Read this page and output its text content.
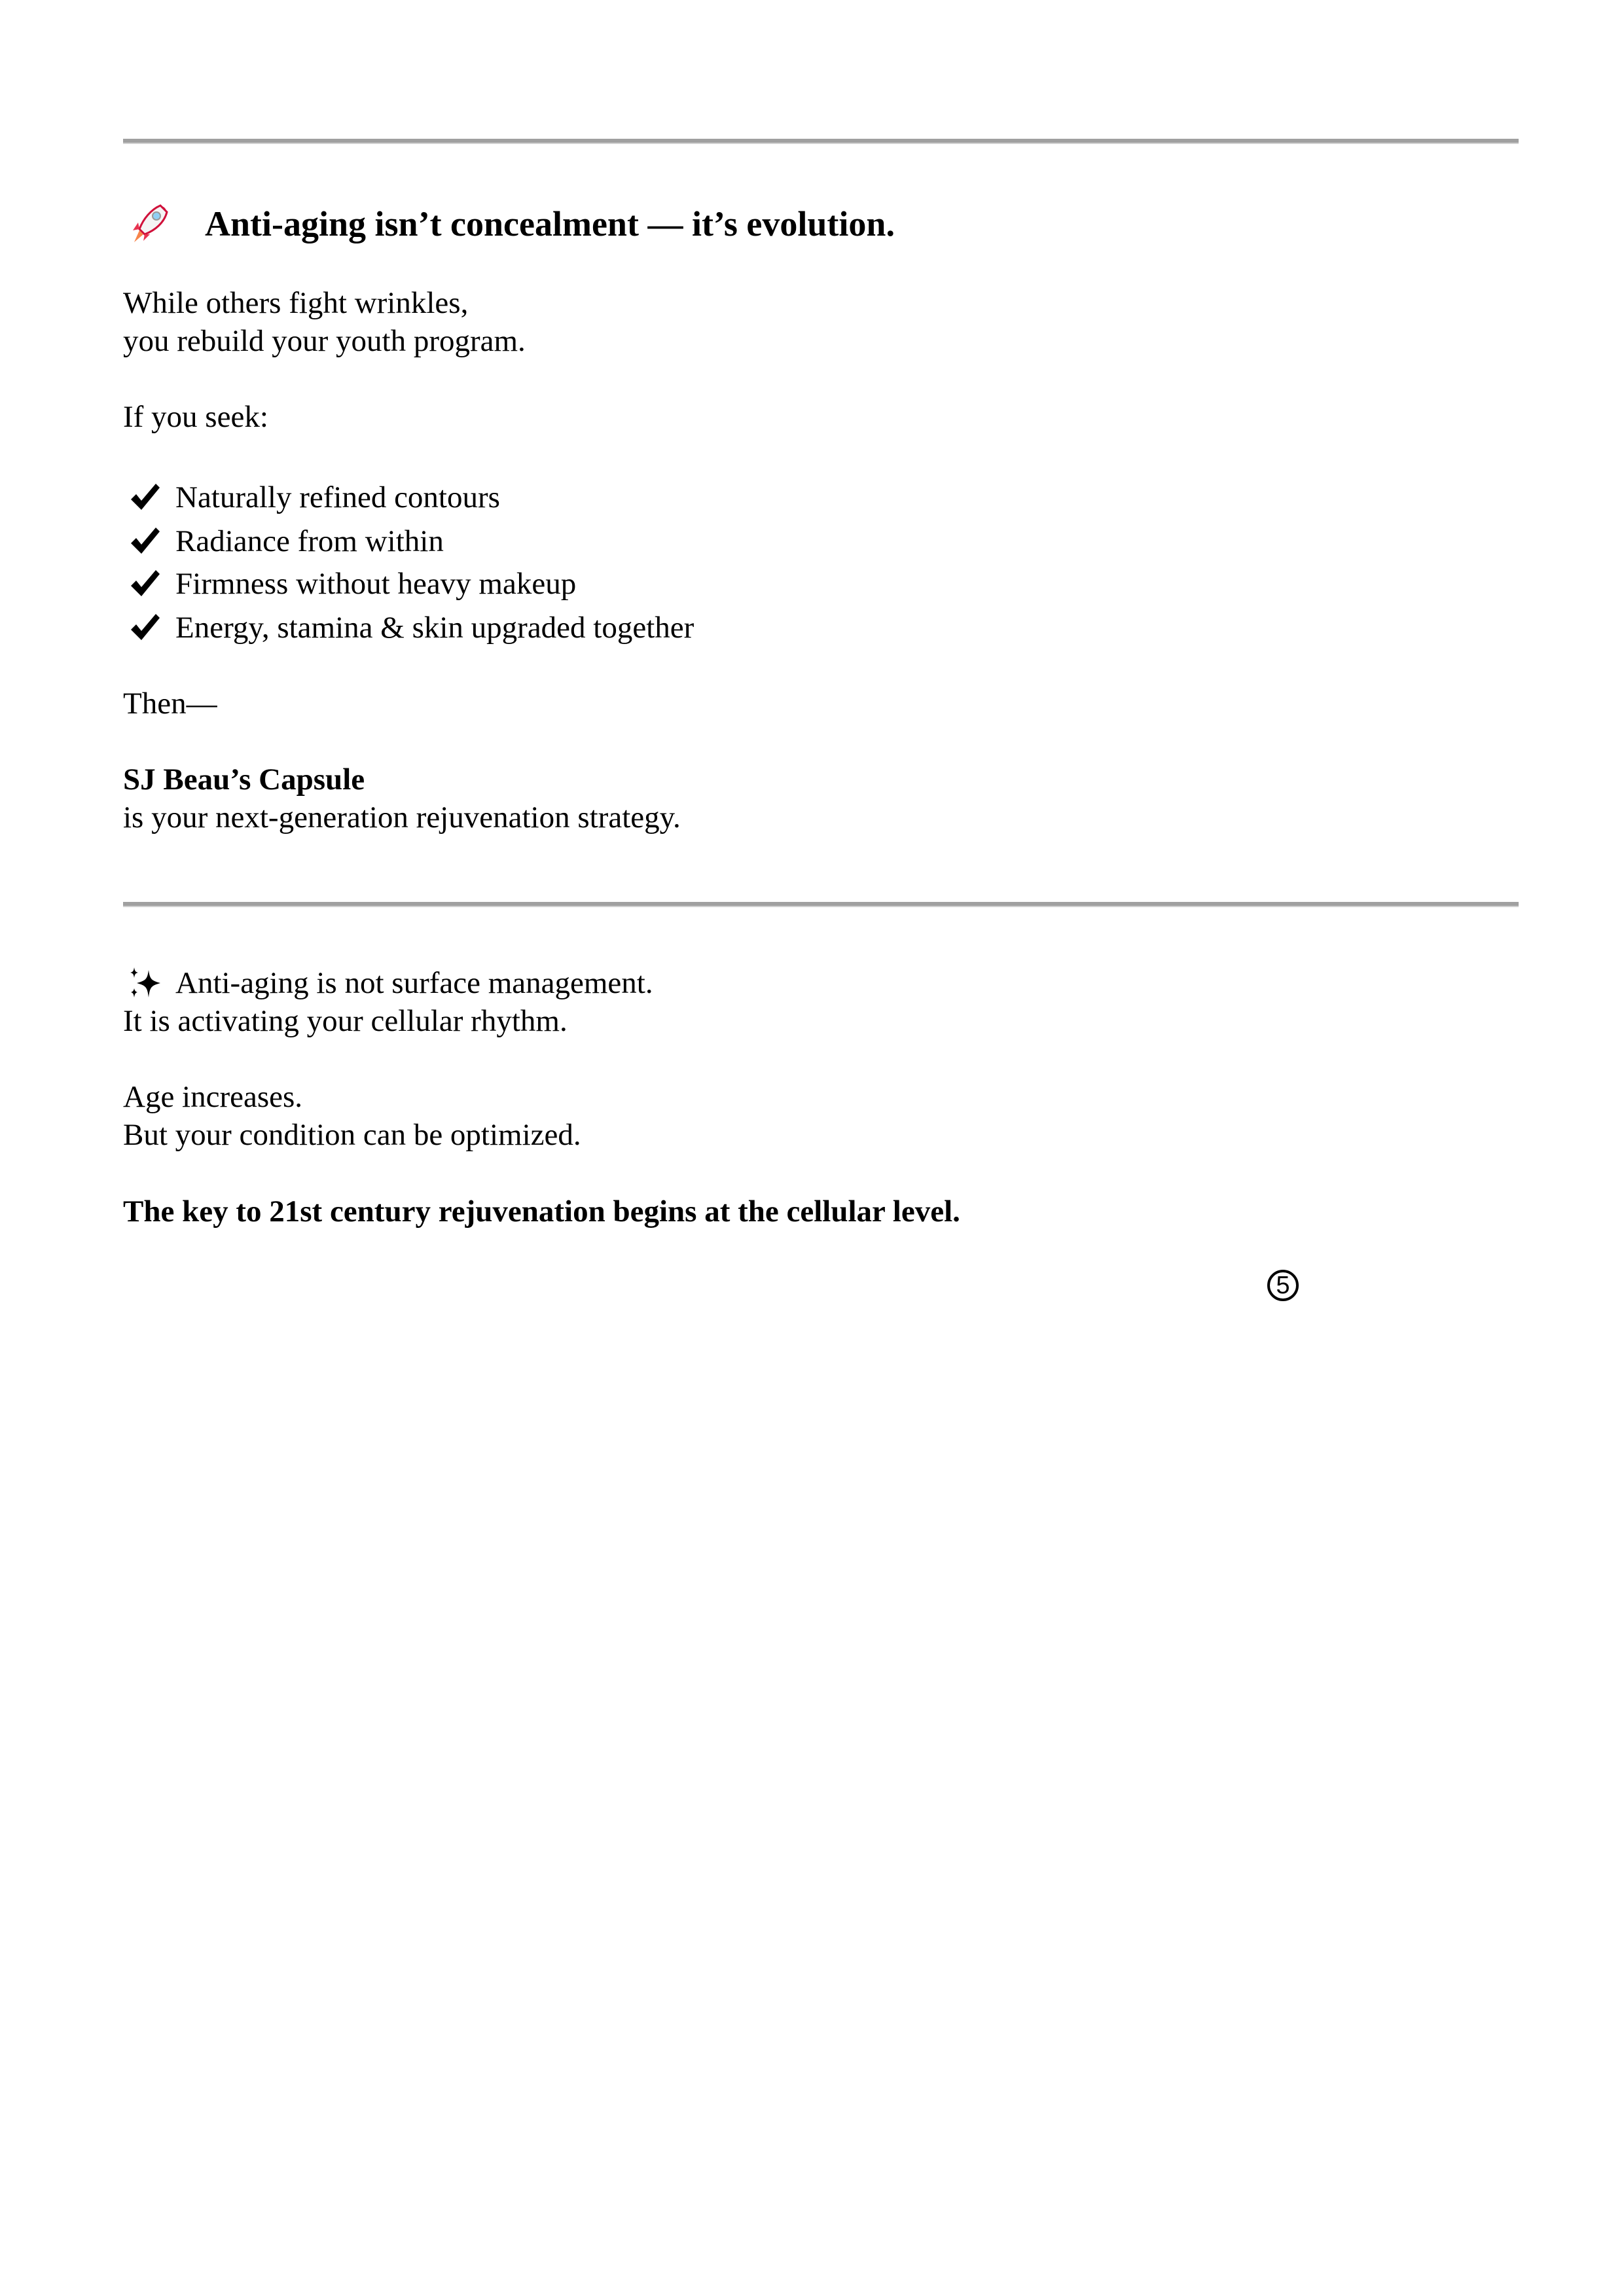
Anti-aging isn’t concealment — it’s evolution.
While others fight wrinkles,
you rebuild your youth program.
If you seek:
Naturally refined contours
Radiance from within
Firmness without heavy makeup
Energy, stamina & skin upgraded together
Then—
SJ Beau’s Capsule
is your next-generation rejuvenation strategy.
Anti-aging is not surface management.
It is activating your cellular rhythm.
Age increases.
But your condition can be optimized.
The key to 21st century rejuvenation begins at the cellular level.
5
